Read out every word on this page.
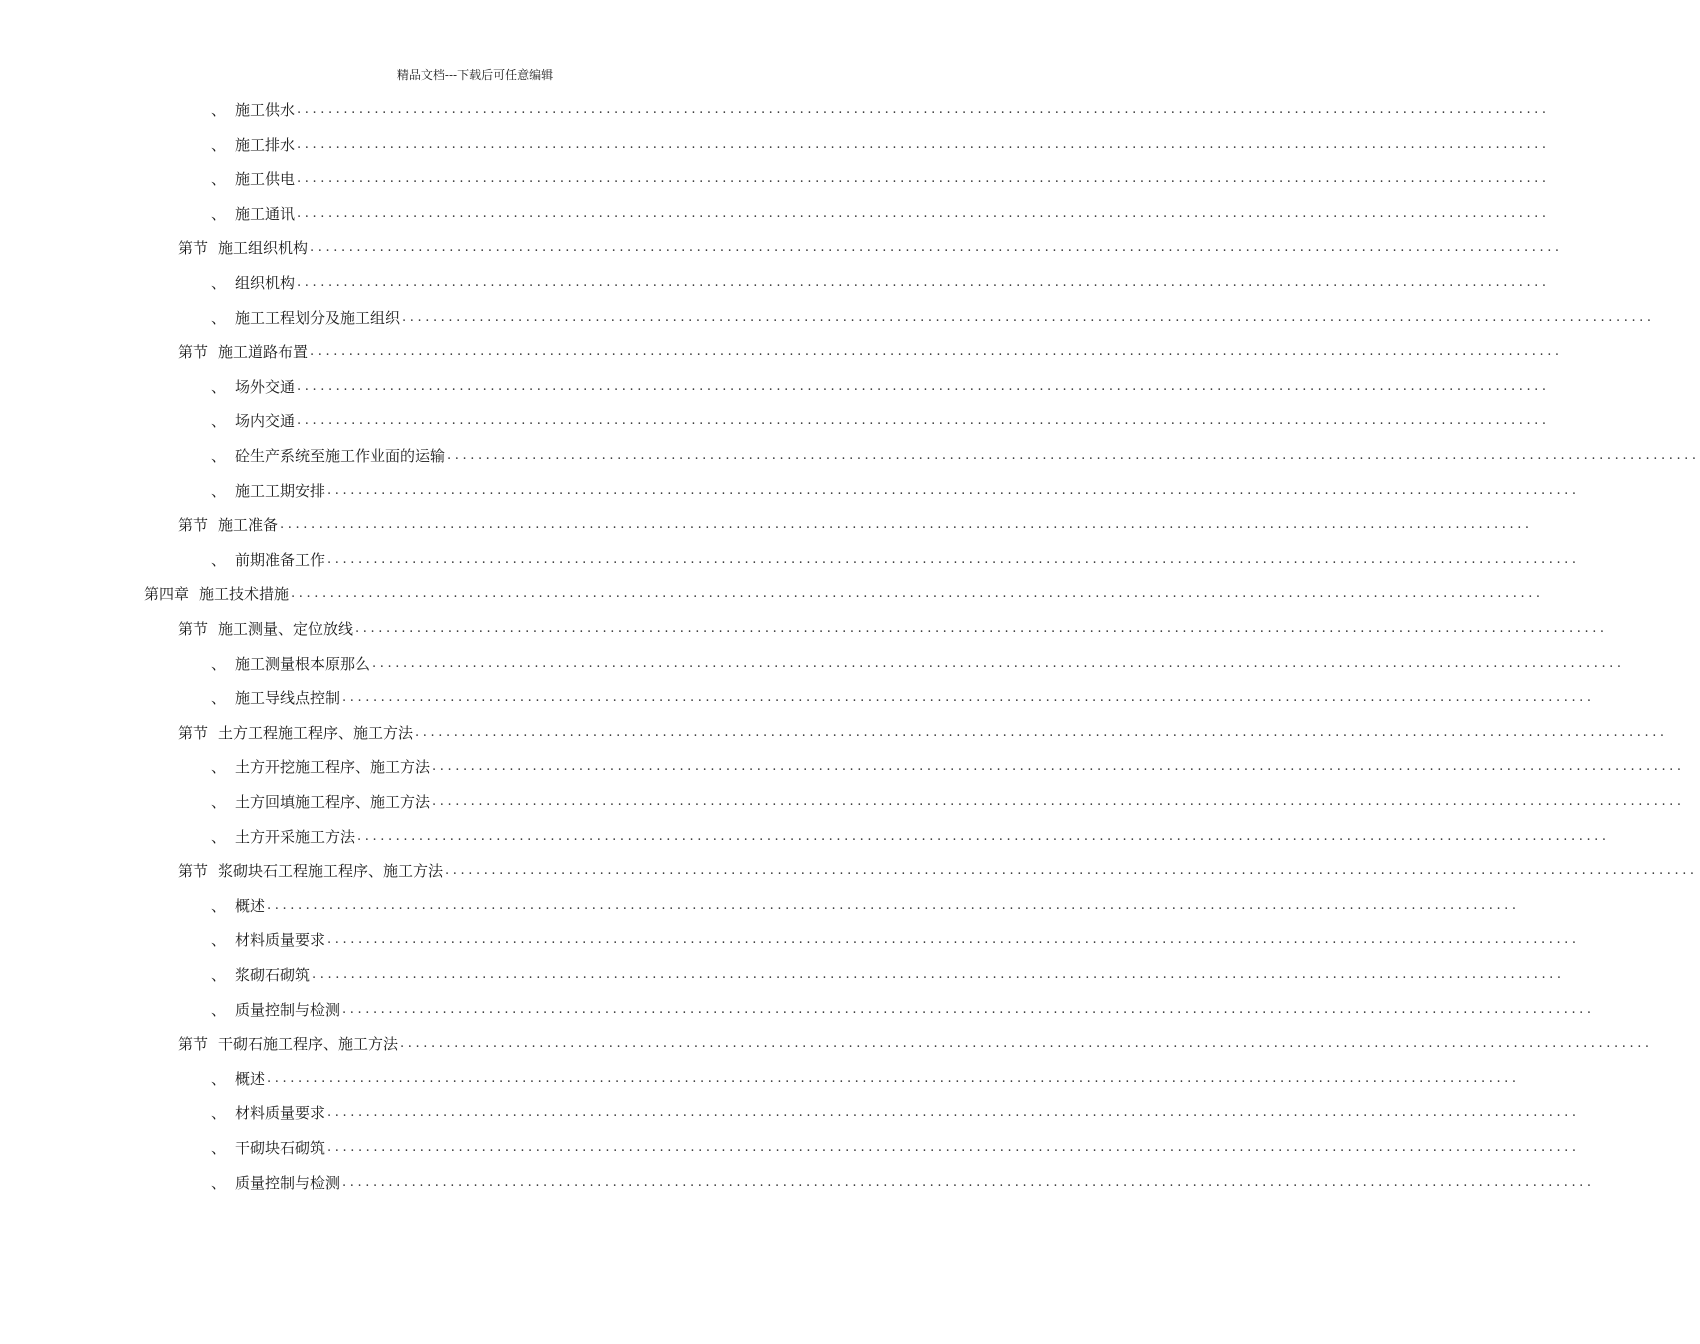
精品文档---下载后可任意编辑
、 施工供水 ..................................................................................................................................................................
、 施工排水 ..................................................................................................................................................................
、 施工供电 ..................................................................................................................................................................
、 施工通讯 ..................................................................................................................................................................
第节 施工组织机构 ..................................................................................................................................................................
、 组织机构 ..................................................................................................................................................................
、 施工工程划分及施工组织 ..................................................................................................................................................................
第节 施工道路布置 ..................................................................................................................................................................
、 场外交通 ..................................................................................................................................................................
、 场内交通 ..................................................................................................................................................................
、 砼生产系统至施工作业面的运输 ..................................................................................................................................................................
、 施工工期安排 ..................................................................................................................................................................
第节 施工准备 ..................................................................................................................................................................
、 前期准备工作 ..................................................................................................................................................................
第四章 施工技术措施 ..................................................................................................................................................................
第节 施工测量、定位放线 ..................................................................................................................................................................
、 施工测量根本原那么 ..................................................................................................................................................................
、 施工导线点控制 ..................................................................................................................................................................
第节 土方工程施工程序、施工方法 ..................................................................................................................................................................
、 土方开挖施工程序、施工方法 ..................................................................................................................................................................
、 土方回填施工程序、施工方法 ..................................................................................................................................................................
、 土方开采施工方法 ..................................................................................................................................................................
第节 浆砌块石工程施工程序、施工方法 ..................................................................................................................................................................
、 概述 ..................................................................................................................................................................
、 材料质量要求 ..................................................................................................................................................................
、 浆砌石砌筑 ..................................................................................................................................................................
、 质量控制与检测 ..................................................................................................................................................................
第节 干砌石施工程序、施工方法 ..................................................................................................................................................................
、 概述 ..................................................................................................................................................................
、 材料质量要求 ..................................................................................................................................................................
、 干砌块石砌筑 ..................................................................................................................................................................
、 质量控制与检测 ..................................................................................................................................................................
